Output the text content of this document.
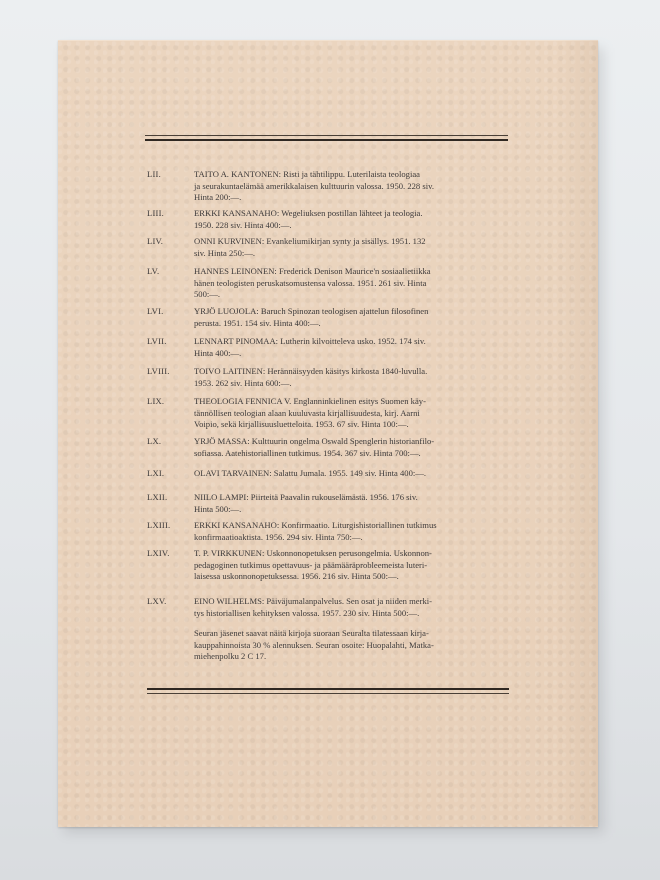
LII.	TAITO A. KANTONEN: Risti ja tähtilippu. Luterilaista teologiaa
ja seurakuntaelämää amerikkalaisen kulttuurin valossa. 1950. 228 siv.
Hinta 200:—.
LIII.	ERKKI KANSANAHO: Wegeliuksen postillan lähteet ja teologia.
1950. 228 siv. Hinta 400:—.
LIV.	ONNI KURVINEN: Evankeliumikirjan synty ja sisällys. 1951. 132
siv. Hinta 250:—.
LV.	HANNES LEINONEN: Frederick Denison Maurice'n sosiaalietiikka
hänen teologisten peruskatsomustensa valossa. 1951. 261 siv. Hinta
500:—.
LVI.	YRJÖ LUOJOLA: Baruch Spinozan teologisen ajattelun filosofinen
perusta. 1951. 154 siv. Hinta 400:—.
LVII.	LENNART PINOMAA: Lutherin kilvoitteleva usko. 1952. 174 siv.
Hinta 400:—.
LVIII.	TOIVO LAITINEN: Herännäisyyden käsitys kirkosta 1840-luvulla.
1953. 262 siv. Hinta 600:—.
LIX.	THEOLOGIA FENNICA V. Englanninkielinen esitys Suomen käy-
tännöllisen teologian alaan kuuluvasta kirjallisuudesta, kirj. Aarni
Voipio, sekä kirjallisuusluetteloita. 1953. 67 siv. Hinta 100:—.
LX.	YRJÖ MASSA: Kulttuurin ongelma Oswald Spenglerin historianfilo-
sofiassa. Aatehistoriallinen tutkimus. 1954. 367 siv. Hinta 700:—.
LXI.	OLAVI TARVAINEN: Salattu Jumala. 1955. 149 siv. Hinta 400:—.
LXII.	NIILO LAMPI: Piirteitä Paavalin rukouselämästä. 1956. 176 siv.
Hinta 500:—.
LXIII.	ERKKI KANSANAHO: Konfirmaatio. Liturgishistoriallinen tutkimus
konfirmaatioaktista. 1956. 294 siv. Hinta 750:—.
LXIV.	T. P. VIRKKUNEN: Uskonnonopetuksen perusongelmia. Uskonnon-
pedagoginen tutkimus opettavuus- ja päämääräprobleemeista luteri-
laisessa uskonnonopetuksessa. 1956. 216 siv. Hinta 500:—.
LXV.	EINO WILHELMS: Päiväjumalanpalvelus. Sen osat ja niiden merki-
tys historiallisen kehityksen valossa. 1957. 230 siv. Hinta 500:—.
Seuran jäsenet saavat näitä kirjoja suoraan Seuralta tilatessaan kirja-
kauppahinnoista 30 % alennuksen. Seuran osoite: Huopalahti, Matka-
miehenpolku 2 C 17.
